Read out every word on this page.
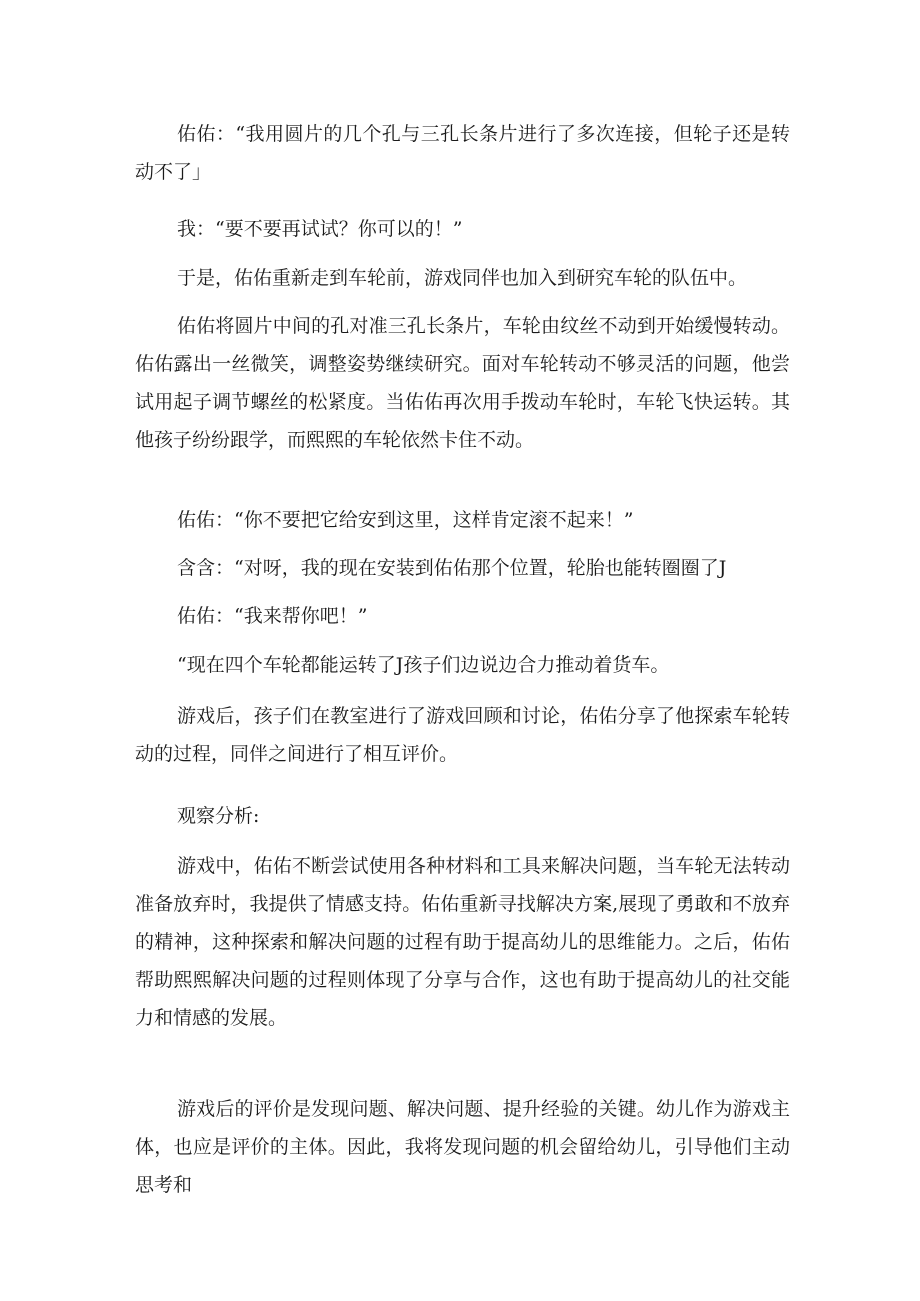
佑佑：“我用圆片的几个孔与三孔长条片进行了多次连接，但轮子还是转动不了」

我：“要不要再试试？你可以的！”

于是，佑佑重新走到车轮前，游戏同伴也加入到研究车轮的队伍中。

佑佑将圆片中间的孔对准三孔长条片，车轮由纹丝不动到开始缓慢转动。佑佑露出一丝微笑，调整姿势继续研究。面对车轮转动不够灵活的问题，他尝试用起子调节螺丝的松紧度。当佑佑再次用手拨动车轮时，车轮飞快运转。其他孩子纷纷跟学，而熙熙的车轮依然卡住不动。

佑佑：“你不要把它给安到这里，这样肯定滚不起来！”

含含：“对呀，我的现在安装到佑佑那个位置，轮胎也能转圈圈了J

佑佑：“我来帮你吧！”

“现在四个车轮都能运转了J孩子们边说边合力推动着货车。

游戏后，孩子们在教室进行了游戏回顾和讨论，佑佑分享了他探索车轮转动的过程，同伴之间进行了相互评价。

观察分析:

游戏中，佑佑不断尝试使用各种材料和工具来解决问题，当车轮无法转动准备放弃时，我提供了情感支持。佑佑重新寻找解决方案,展现了勇敢和不放弃的精神，这种探索和解决问题的过程有助于提高幼儿的思维能力。之后，佑佑帮助熙熙解决问题的过程则体现了分享与合作，这也有助于提高幼儿的社交能力和情感的发展。

游戏后的评价是发现问题、解决问题、提升经验的关键。幼儿作为游戏主体，也应是评价的主体。因此，我将发现问题的机会留给幼儿，引导他们主动思考和
